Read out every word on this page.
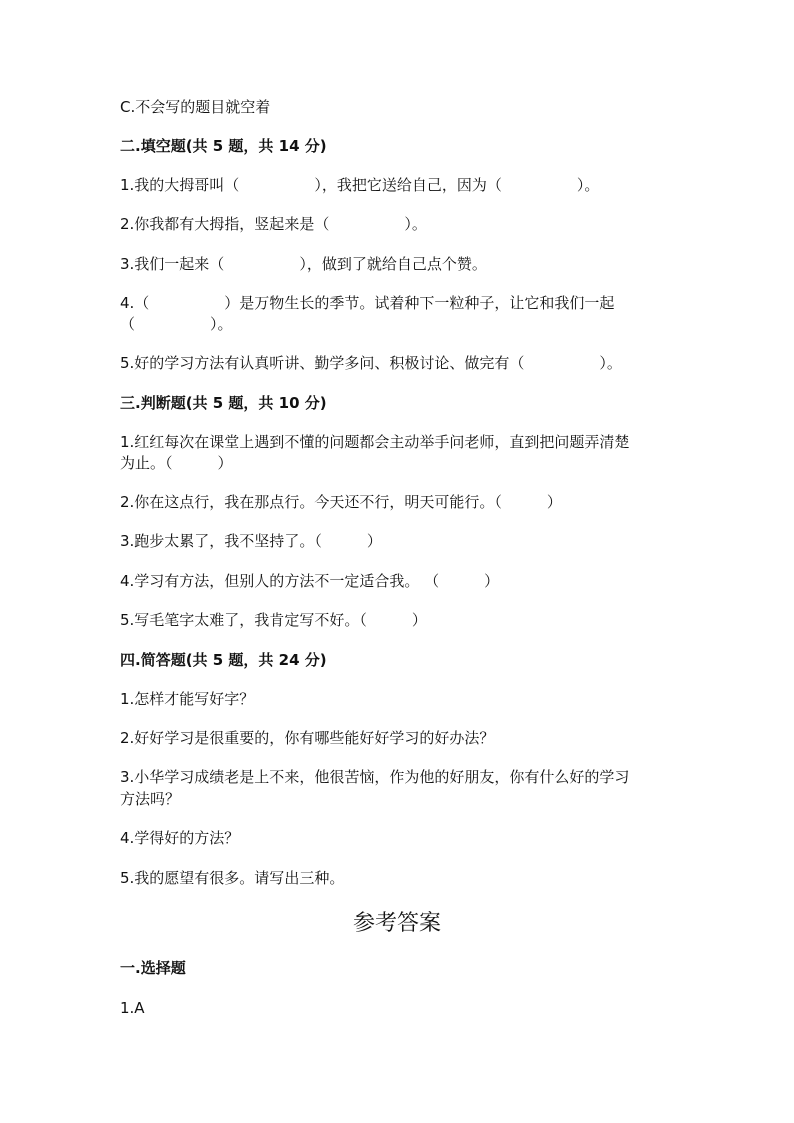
C.不会写的题目就空着
二.填空题(共 5 题，共 14 分)
1.我的大拇哥叫（　　　　　），我把它送给自己，因为（　　　　　）。
2.你我都有大拇指，竖起来是（　　　　　）。
3.我们一起来（　　　　　），做到了就给自己点个赞。
4.（　　　　　）是万物生长的季节。试着种下一粒种子，让它和我们一起
（　　　　　）。
5.好的学习方法有认真听讲、勤学多问、积极讨论、做完有（　　　　　）。
三.判断题(共 5 题，共 10 分)
1.红红每次在课堂上遇到不懂的问题都会主动举手问老师，直到把问题弄清楚
为止。（　　　）
2.你在这点行，我在那点行。今天还不行，明天可能行。（　　　）
3.跑步太累了，我不坚持了。（　　　）
4.学习有方法，但别人的方法不一定适合我。 （　　　）
5.写毛笔字太难了，我肯定写不好。（　　　）
四.简答题(共 5 题，共 24 分)
1.怎样才能写好字？
2.好好学习是很重要的，你有哪些能好好学习的好办法？
3.小华学习成绩老是上不来，他很苦恼，作为他的好朋友，你有什么好的学习
方法吗？
4.学得好的方法？
5.我的愿望有很多。请写出三种。
参考答案
一.选择题
1.A
